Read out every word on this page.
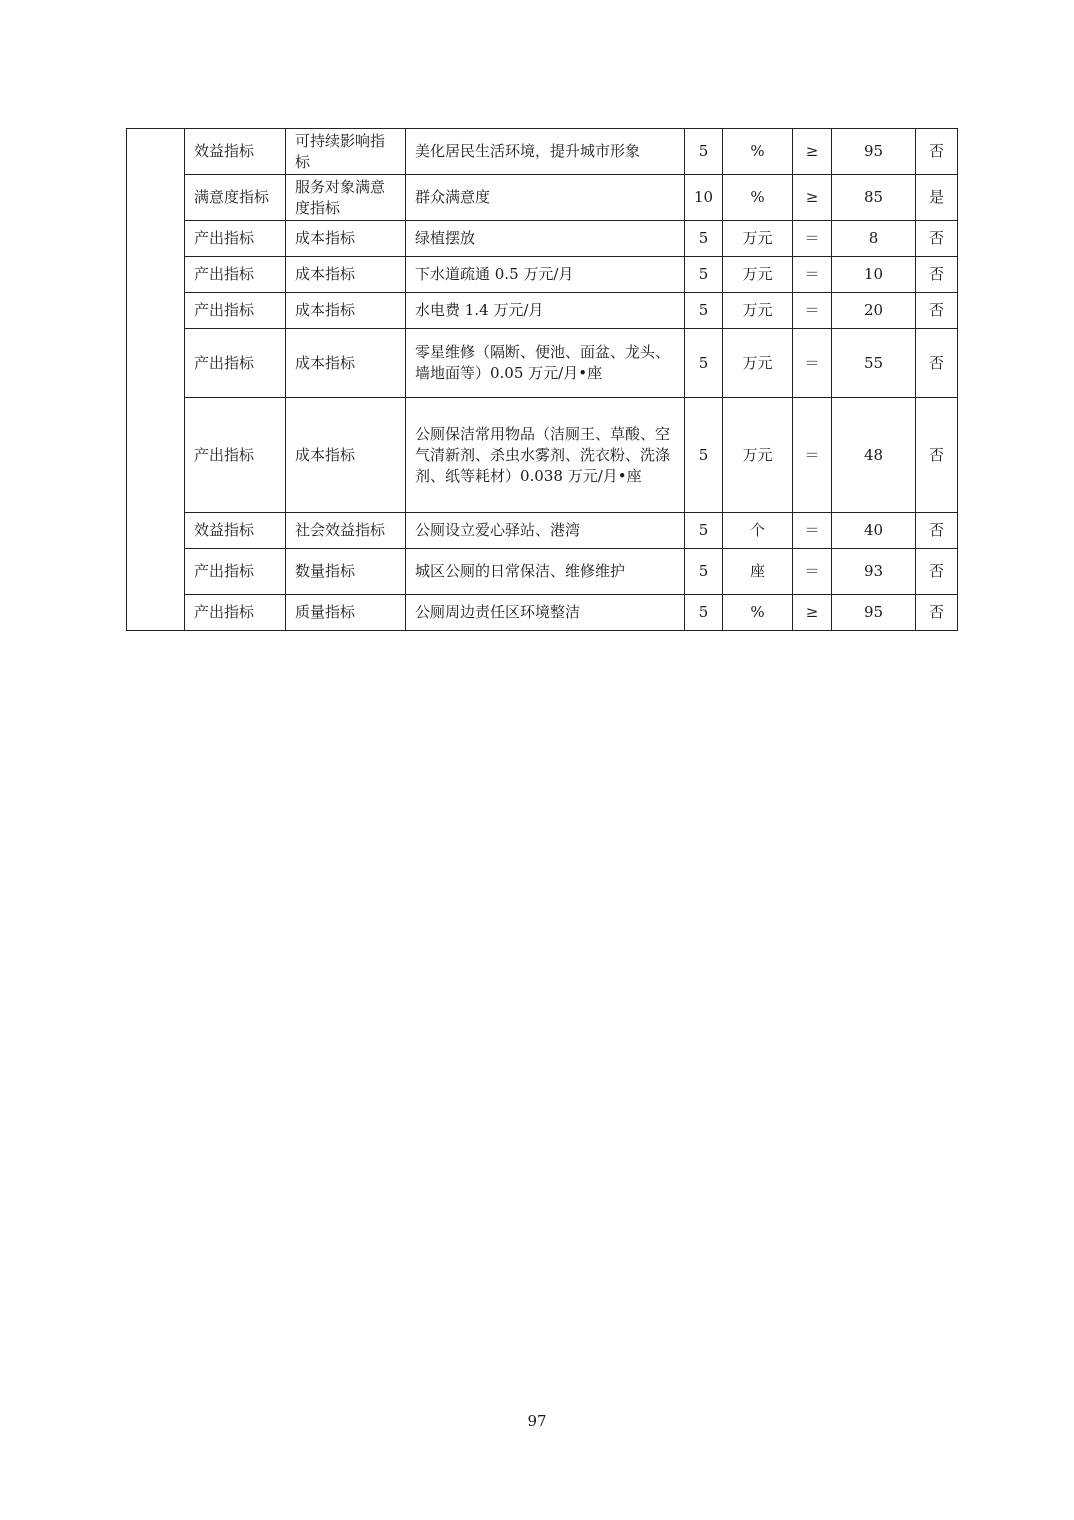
	效益指标	可持续影响指标	美化居民生活环境，提升城市形象	5	%	≥	95	否
	满意度指标	服务对象满意度指标	群众满意度	10	%	≥	85	是
	产出指标	成本指标	绿植摆放	5	万元	＝	8	否
	产出指标	成本指标	下水道疏通 0.5 万元/月	5	万元	＝	10	否
	产出指标	成本指标	水电费 1.4 万元/月	5	万元	＝	20	否
	产出指标	成本指标	零星维修（隔断、便池、面盆、龙头、墙地面等）0.05 万元/月•座	5	万元	＝	55	否
	产出指标	成本指标	公厕保洁常用物品（洁厕王、草酸、空气清新剂、杀虫水雾剂、洗衣粉、洗涤剂、纸等耗材）0.038 万元/月•座	5	万元	＝	48	否
	效益指标	社会效益指标	公厕设立爱心驿站、港湾	5	个	＝	40	否
	产出指标	数量指标	城区公厕的日常保洁、维修维护	5	座	＝	93	否
	产出指标	质量指标	公厕周边责任区环境整洁	5	%	≥	95	否
97
